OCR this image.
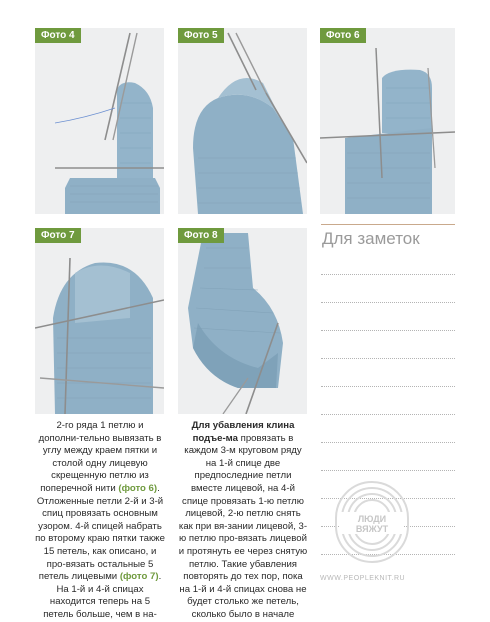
Фото 4	Фото 5	Фото 6
Фото 7	Фото 8	Для заметок
2-го ряда 1 петлю и дополни-тельно вывязать в углу между краем пятки и столой одну лицевую скрещенную петлю из поперечной нити (фото 6). Отложенные петли 2-й и 3-й спиц провязать основным узором. 4-й спицей набрать по второму краю пятки также 15 петель, как описано, и про-вязать остальные 5 петель лицевыми (фото 7). На 1-й и 4-й спицах находится теперь на 5 петель больше, чем в на-
Для убавления клина подъе-ма провязать в каждом 3-м круговом ряду на 1-й спице две предпоследние петли вместе лицевой, на 4-й спице провязать 1-ю петлю лицевой, 2-ю петлю снять как при вя-зании лицевой, 3-ю петлю про-вязать лицевой и протянуть ее через снятую петлю. Такие убавления повторять до тех пор, пока на 1-й и 4-й спицах снова не будет столько же петель, сколько было в начале
ЛЮДИ
ВЯЖУТ
WWW.PEOPLEKNIT.RU
